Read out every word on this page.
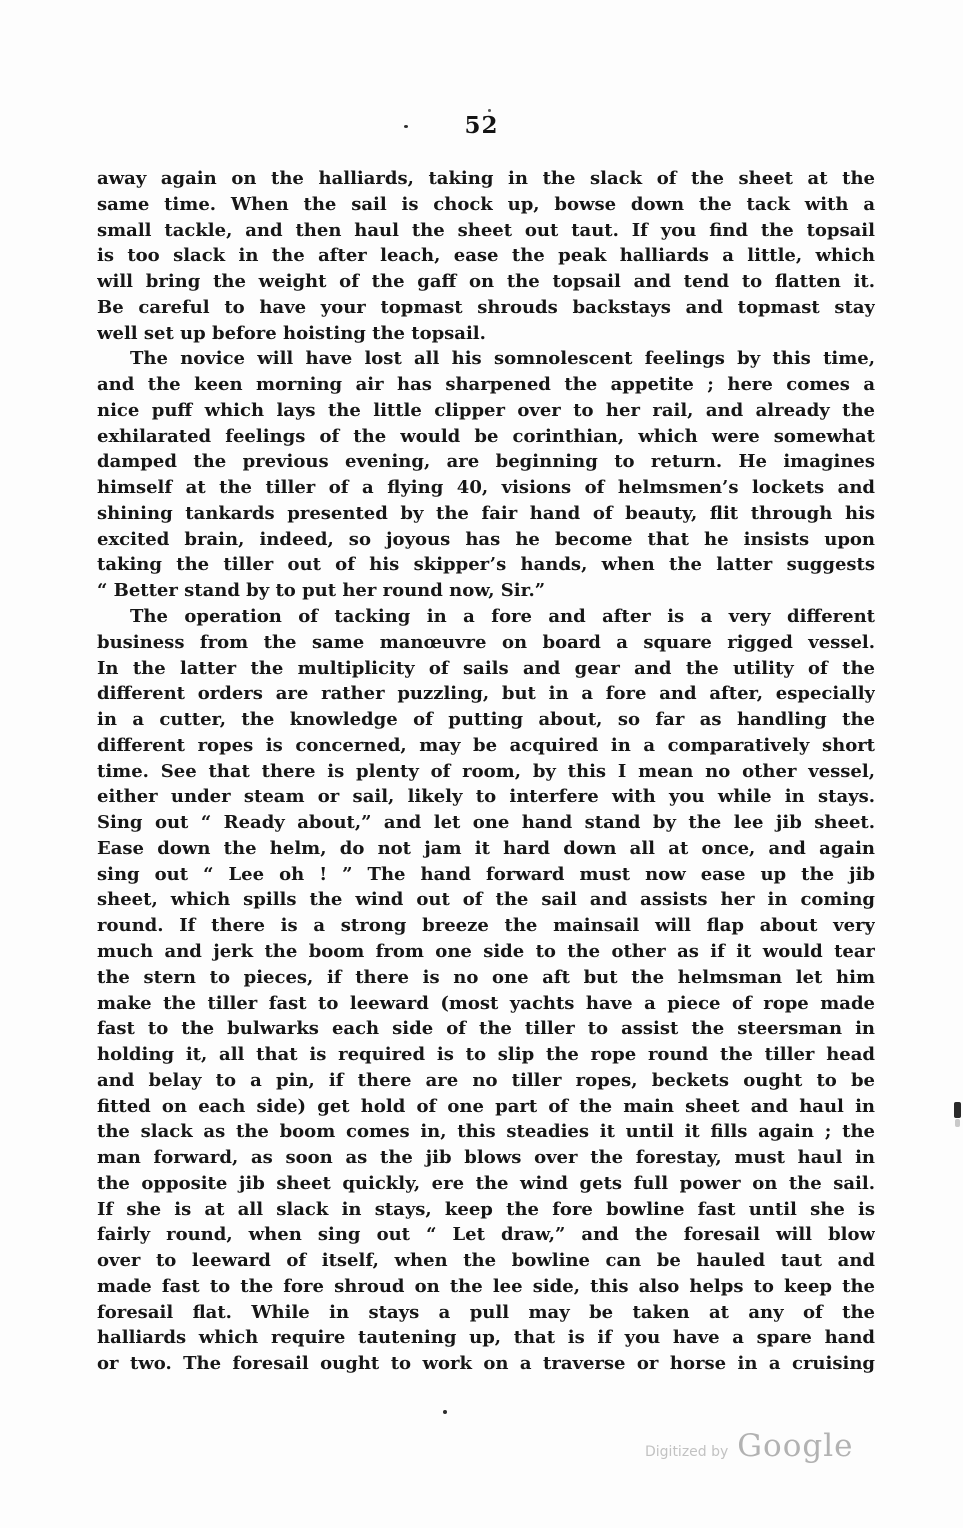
52
away again on the halliards, taking in the slack of the sheet at the
same time. When the sail is chock up, bowse down the tack with a
small tackle, and then haul the sheet out taut. If you find the topsail
is too slack in the after leach, ease the peak halliards a little, which
will bring the weight of the gaff on the topsail and tend to flatten it.
Be careful to have your topmast shrouds backstays and topmast stay
well set up before hoisting the topsail.
The novice will have lost all his somnolescent feelings by this time,
and the keen morning air has sharpened the appetite ; here comes a
nice puff which lays the little clipper over to her rail, and already the
exhilarated feelings of the would be corinthian, which were somewhat
damped the previous evening, are beginning to return. He imagines
himself at the tiller of a flying 40, visions of helmsmen’s lockets and
shining tankards presented by the fair hand of beauty, flit through his
excited brain, indeed, so joyous has he become that he insists upon
taking the tiller out of his skipper’s hands, when the latter suggests
“ Better stand by to put her round now, Sir.”
The operation of tacking in a fore and after is a very different
business from the same manœuvre on board a square rigged vessel.
In the latter the multiplicity of sails and gear and the utility of the
different orders are rather puzzling, but in a fore and after, especially
in a cutter, the knowledge of putting about, so far as handling the
different ropes is concerned, may be acquired in a comparatively short
time. See that there is plenty of room, by this I mean no other vessel,
either under steam or sail, likely to interfere with you while in stays.
Sing out “ Ready about,” and let one hand stand by the lee jib sheet.
Ease down the helm, do not jam it hard down all at once, and again
sing out “ Lee oh ! ” The hand forward must now ease up the jib
sheet, which spills the wind out of the sail and assists her in coming
round. If there is a strong breeze the mainsail will flap about very
much and jerk the boom from one side to the other as if it would tear
the stern to pieces, if there is no one aft but the helmsman let him
make the tiller fast to leeward (most yachts have a piece of rope made
fast to the bulwarks each side of the tiller to assist the steersman in
holding it, all that is required is to slip the rope round the tiller head
and belay to a pin, if there are no tiller ropes, beckets ought to be
fitted on each side) get hold of one part of the main sheet and haul in
the slack as the boom comes in, this steadies it until it fills again ; the
man forward, as soon as the jib blows over the forestay, must haul in
the opposite jib sheet quickly, ere the wind gets full power on the sail.
If she is at all slack in stays, keep the fore bowline fast until she is
fairly round, when sing out “ Let draw,” and the foresail will blow
over to leeward of itself, when the bowline can be hauled taut and
made fast to the fore shroud on the lee side, this also helps to keep the
foresail flat. While in stays a pull may be taken at any of the
halliards which require tautening up, that is if you have a spare hand
or two. The foresail ought to work on a traverse or horse in a cruising
Digitized by Google
